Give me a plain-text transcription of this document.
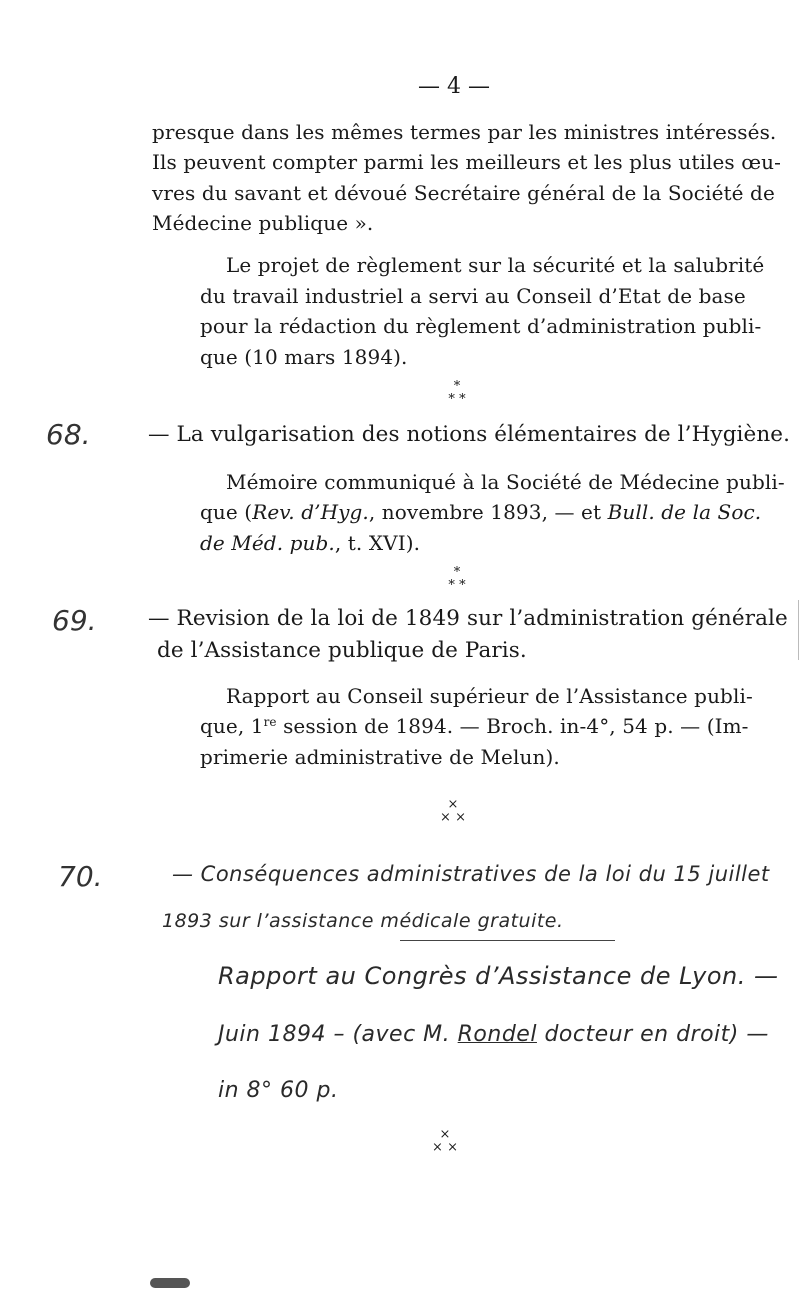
— 4 —
presque dans les mêmes termes par les ministres intéressés.
Ils peuvent compter parmi les meilleurs et les plus utiles œu-
vres du savant et dévoué Secrétaire général de la Société de
Médecine publique ».
Le projet de règlement sur la sécurité et la salubrité
du travail industriel a servi au Conseil d’Etat de base
pour la rédaction du règlement d’administration publi-
que (10 mars 1894).
*
* *
68.	— La vulgarisation des notions élémentaires de l’Hygiène.
Mémoire communiqué à la Société de Médecine publi-
que (Rev. d’Hyg., novembre 1893, — et Bull. de la Soc.
de Méd. pub., t. XVI).
*
* *
69. — Revision de la loi de 1849 sur l’administration générale
de l’Assistance publique de Paris.
Rapport au Conseil supérieur de l’Assistance publi-
que, 1re session de 1894. — Broch. in-4°, 54 p. — (Im-
primerie administrative de Melun).
×
× ×
70.	— Conséquences administratives de la loi du 15 juillet
1893 sur l’assistance médicale gratuite.
Rapport au Congrès d’Assistance de Lyon. —
Juin 1894 – (avec M. Rondel docteur en droit) —
in 8° 60 p.
×
× ×
